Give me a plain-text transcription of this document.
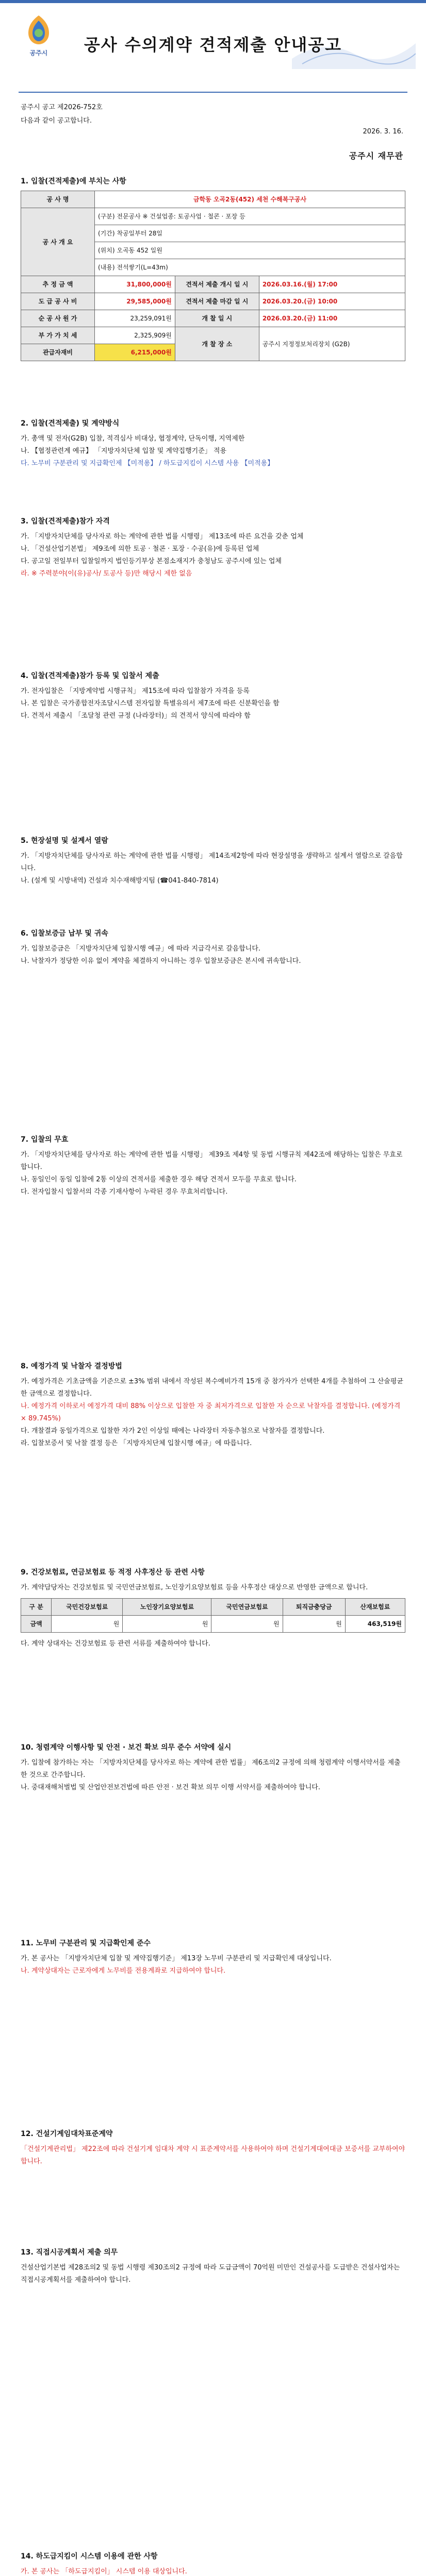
공주시	공사 수의계약 견적제출 안내공고
공주시 공고 제2026-752호
다음과 같이 공고합니다.
2026. 3. 16.
공주시 재무관
1. 입찰(견적제출)에 부치는 사항
공 사 명	금학동 오곡2동(452) 세천 수해복구공사		
공 사 개 요	(구분) 전문공사 ※ 건설업종: 토공사업 · 철콘 · 포장 등		
	(기간) 착공일부터 28일		
	(위치) 오곡동 452 일원		
	(내용) 전석쌓기(L=43m)		
추 정 금 액	31,800,000원	견적서 제출 개시 일 시	2026.03.16.(월) 17:00
도 급 공 사 비	29,585,000원	견적서 제출 마감 일 시	2026.03.20.(금) 10:00
순 공 사 원 가	23,259,091원	개 찰 일 시	2026.03.20.(금) 11:00
부 가 가 치 세	2,325,909원	개 찰 장 소	공주시 지정정보처리장치 (G2B)
관급자재비	6,215,000원		
2. 입찰(견적제출) 및 계약방식

가. 총액 및 전자(G2B) 입찰, 적격심사 비대상, 협정계약, 단독이행, 지역제한

나. 【협정관련계 예규】 「지방자치단체 입찰 및 계약집행기준」 적용

다. 노무비 구분관리 및 지급확인제 【미적용】 / 하도급지킴이 시스템 사용 【미적용】

3. 입찰(견적제출)참가 자격

가. 「지방자치단체를 당사자로 하는 계약에 관한 법률 시행령」 제13조에 따른 요건을 갖춘 업체

나. 「건설산업기본법」 제9조에 의한 토공 · 철콘 · 포장 · 수공(유)에 등록된 업체

다. 공고일 전일부터 입찰일까지 법인등기부상 본점소재지가 충청남도 공주시에 있는 업체

라. ※ 주력분야(이(유)공사/ 토공사 등)만 해당시 제한 없음

4. 입찰(견적제출)참가 등록 및 입찰서 제출

가. 전자입찰은 「지방계약법 시행규칙」 제15조에 따라 입찰참가 자격을 등록

나. 본 입찰은 국가종합전자조달시스템 전자입찰 특별유의서 제7조에 따른 신분확인을 함

다. 견적서 제출시 「조달청 관련 규정 (나라장터)」의 견적서 양식에 따라야 함

5. 현장설명 및 설계서 열람

가. 「지방자치단체를 당사자로 하는 계약에 관한 법률 시행령」 제14조제2항에 따라 현장설명을 생략하고 설계서 열람으로 갈음합니다.

나. (설계 및 시방내역) 건설과 치수재해방지팀 (☎041-840-7814)

6. 입찰보증금 납부 및 귀속

가. 입찰보증금은 「지방자치단체 입찰시행 예규」에 따라 지급각서로 갈음합니다.

나. 낙찰자가 정당한 이유 없이 계약을 체결하지 아니하는 경우 입찰보증금은 본시에 귀속합니다.

7. 입찰의 무효

가. 「지방자치단체를 당사자로 하는 계약에 관한 법률 시행령」 제39조 제4항 및 동법 시행규칙 제42조에 해당하는 입찰은 무효로 합니다.

나. 동일인이 동일 입찰에 2통 이상의 견적서를 제출한 경우 해당 견적서 모두를 무효로 합니다.

다. 전자입찰시 입찰서의 각종 기재사항이 누락된 경우 무효처리합니다.

8. 예정가격 및 낙찰자 결정방법

가. 예정가격은 기초금액을 기준으로 ±3% 범위 내에서 작성된 복수예비가격 15개 중 참가자가 선택한 4개를 추첨하여 그 산술평균한 금액으로 결정합니다.

나. 예정가격 이하로서 예정가격 대비 88% 이상으로 입찰한 자 중 최저가격으로 입찰한 자 순으로 낙찰자를 결정합니다. (예정가격 × 89.745%)

다. 개찰결과 동일가격으로 입찰한 자가 2인 이상일 때에는 나라장터 자동추첨으로 낙찰자를 결정합니다.

라. 입찰보증서 및 낙찰 결정 등은 「지방자치단체 입찰시행 예규」에 따릅니다.

9. 건강보험료, 연금보험료 등 적정 사후정산 등 관련 사항

가. 계약담당자는 건강보험료 및 국민연금보험료, 노인장기요양보험료 등을 사후정산 대상으로 반영한 금액으로 합니다.

구 분	국민건강보험료	노인장기요양보험료	국민연금보험료	퇴직금충당금	산재보험료
금액	원	원	원	원	463,519원

다. 계약 상대자는 건강보험료 등 관련 서류를 제출하여야 합니다.

10. 청렴계약 이행사항 및 안전 · 보건 확보 의무 준수 서약에 실시

가. 입찰에 참가하는 자는 「지방자치단체를 당사자로 하는 계약에 관한 법률」 제6조의2 규정에 의해 청렴계약 이행서약서를 제출한 것으로 간주합니다.

나. 중대재해처벌법 및 산업안전보건법에 따른 안전 · 보건 확보 의무 이행 서약서를 제출하여야 합니다.

11. 노무비 구분관리 및 지급확인제 준수

가. 본 공사는 「지방자치단체 입찰 및 계약집행기준」 제13장 노무비 구분관리 및 지급확인제 대상입니다.

나. 계약상대자는 근로자에게 노무비를 전용계좌로 지급하여야 합니다.

12. 건설기계임대차표준계약

「건설기계관리법」 제22조에 따라 건설기계 임대차 계약 시 표준계약서를 사용하여야 하며 건설기계대여대금 보증서를 교부하여야 합니다.

13. 직접시공계획서 제출 의무

건설산업기본법 제28조의2 및 동법 시행령 제30조의2 규정에 따라 도급금액이 70억원 미만인 건설공사를 도급받은 건설사업자는 직접시공계획서를 제출하여야 합니다.

14. 하도급지킴이 시스템 이용에 관한 사항

가. 본 공사는 「하도급지킴이」 시스템 이용 대상입니다.
